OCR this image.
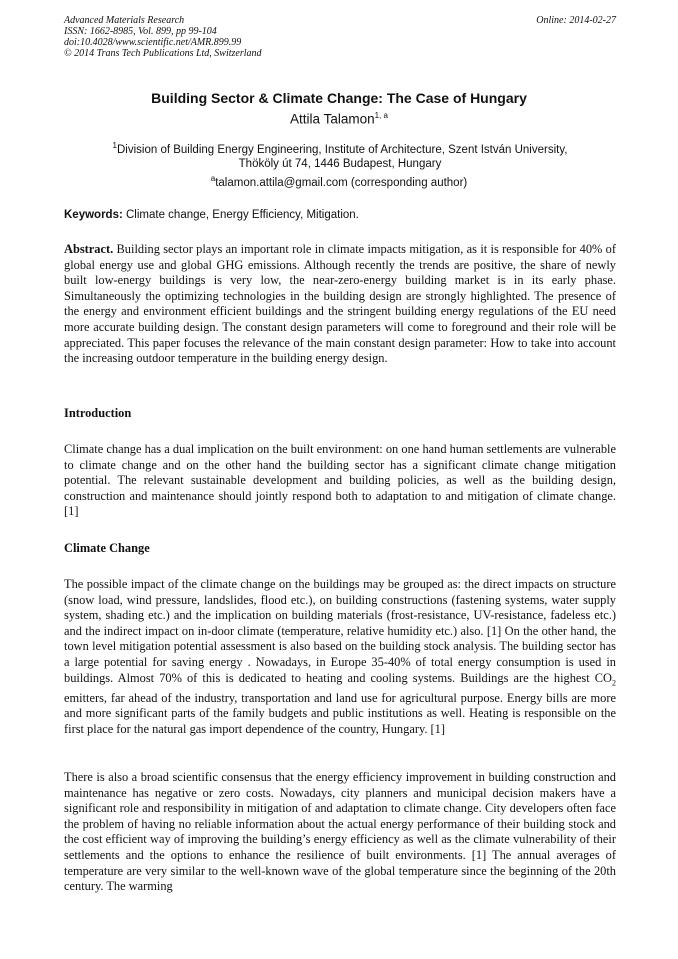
Advanced Materials Research
ISSN: 1662-8985, Vol. 899, pp 99-104
doi:10.4028/www.scientific.net/AMR.899.99
© 2014 Trans Tech Publications Ltd, Switzerland
Online: 2014-02-27
Building Sector & Climate Change: The Case of Hungary
Attila Talamon$^{1, a}$
$^1$Division of Building Energy Engineering, Institute of Architecture, Szent István University,
Thököly út 74, 1446 Budapest, Hungary
$^a$talamon.attila@gmail.com (corresponding author)
Keywords: Climate change, Energy Efficiency, Mitigation.

Abstract. Building sector plays an important role in climate impacts mitigation, as it is responsible for 40% of global energy use and global GHG emissions. Although recently the trends are positive, the share of newly built low-energy buildings is very low, the near-zero-energy building market is in its early phase. Simultaneously the optimizing technologies in the building design are strongly highlighted. The presence of the energy and environment efficient buildings and the stringent building energy regulations of the EU need more accurate building design. The constant design parameters will come to foreground and their role will be appreciated. This paper focuses the relevance of the main constant design parameter: How to take into account the increasing outdoor temperature in the building energy design.

Introduction

Climate change has a dual implication on the built environment: on one hand human settlements are vulnerable to climate change and on the other hand the building sector has a significant climate change mitigation potential. The relevant sustainable development and building policies, as well as the building design, construction and maintenance should jointly respond both to adaptation to and mitigation of climate change. [1]

Climate Change

The possible impact of the climate change on the buildings may be grouped as: the direct impacts on structure (snow load, wind pressure, landslides, flood etc.), on building constructions (fastening systems, water supply system, shading etc.) and the implication on building materials (frost-resistance, UV-resistance, fadeless etc.) and the indirect impact on in-door climate (temperature, relative humidity etc.) also. [1] On the other hand, the town level mitigation potential assessment is also based on the building stock analysis. The building sector has a large potential for saving energy . Nowadays, in Europe 35-40% of total energy consumption is used in buildings. Almost 70% of this is dedicated to heating and cooling systems. Buildings are the highest $CO_2$ emitters, far ahead of the industry, transportation and land use for agricultural purpose. Energy bills are more and more significant parts of the family budgets and public institutions as well. Heating is responsible on the first place for the natural gas import dependence of the country, Hungary. [1]

There is also a broad scientific consensus that the energy efficiency improvement in building construction and maintenance has negative or zero costs. Nowadays, city planners and municipal decision makers have a significant role and responsibility in mitigation of and adaptation to climate change. City developers often face the problem of having no reliable information about the actual energy performance of their building stock and the cost efficient way of improving the building’s energy efficiency as well as the climate vulnerability of their settlements and the options to enhance the resilience of built environments. [1] The annual averages of temperature are very similar to the well-known wave of the global temperature since the beginning of the 20th century. The warming
